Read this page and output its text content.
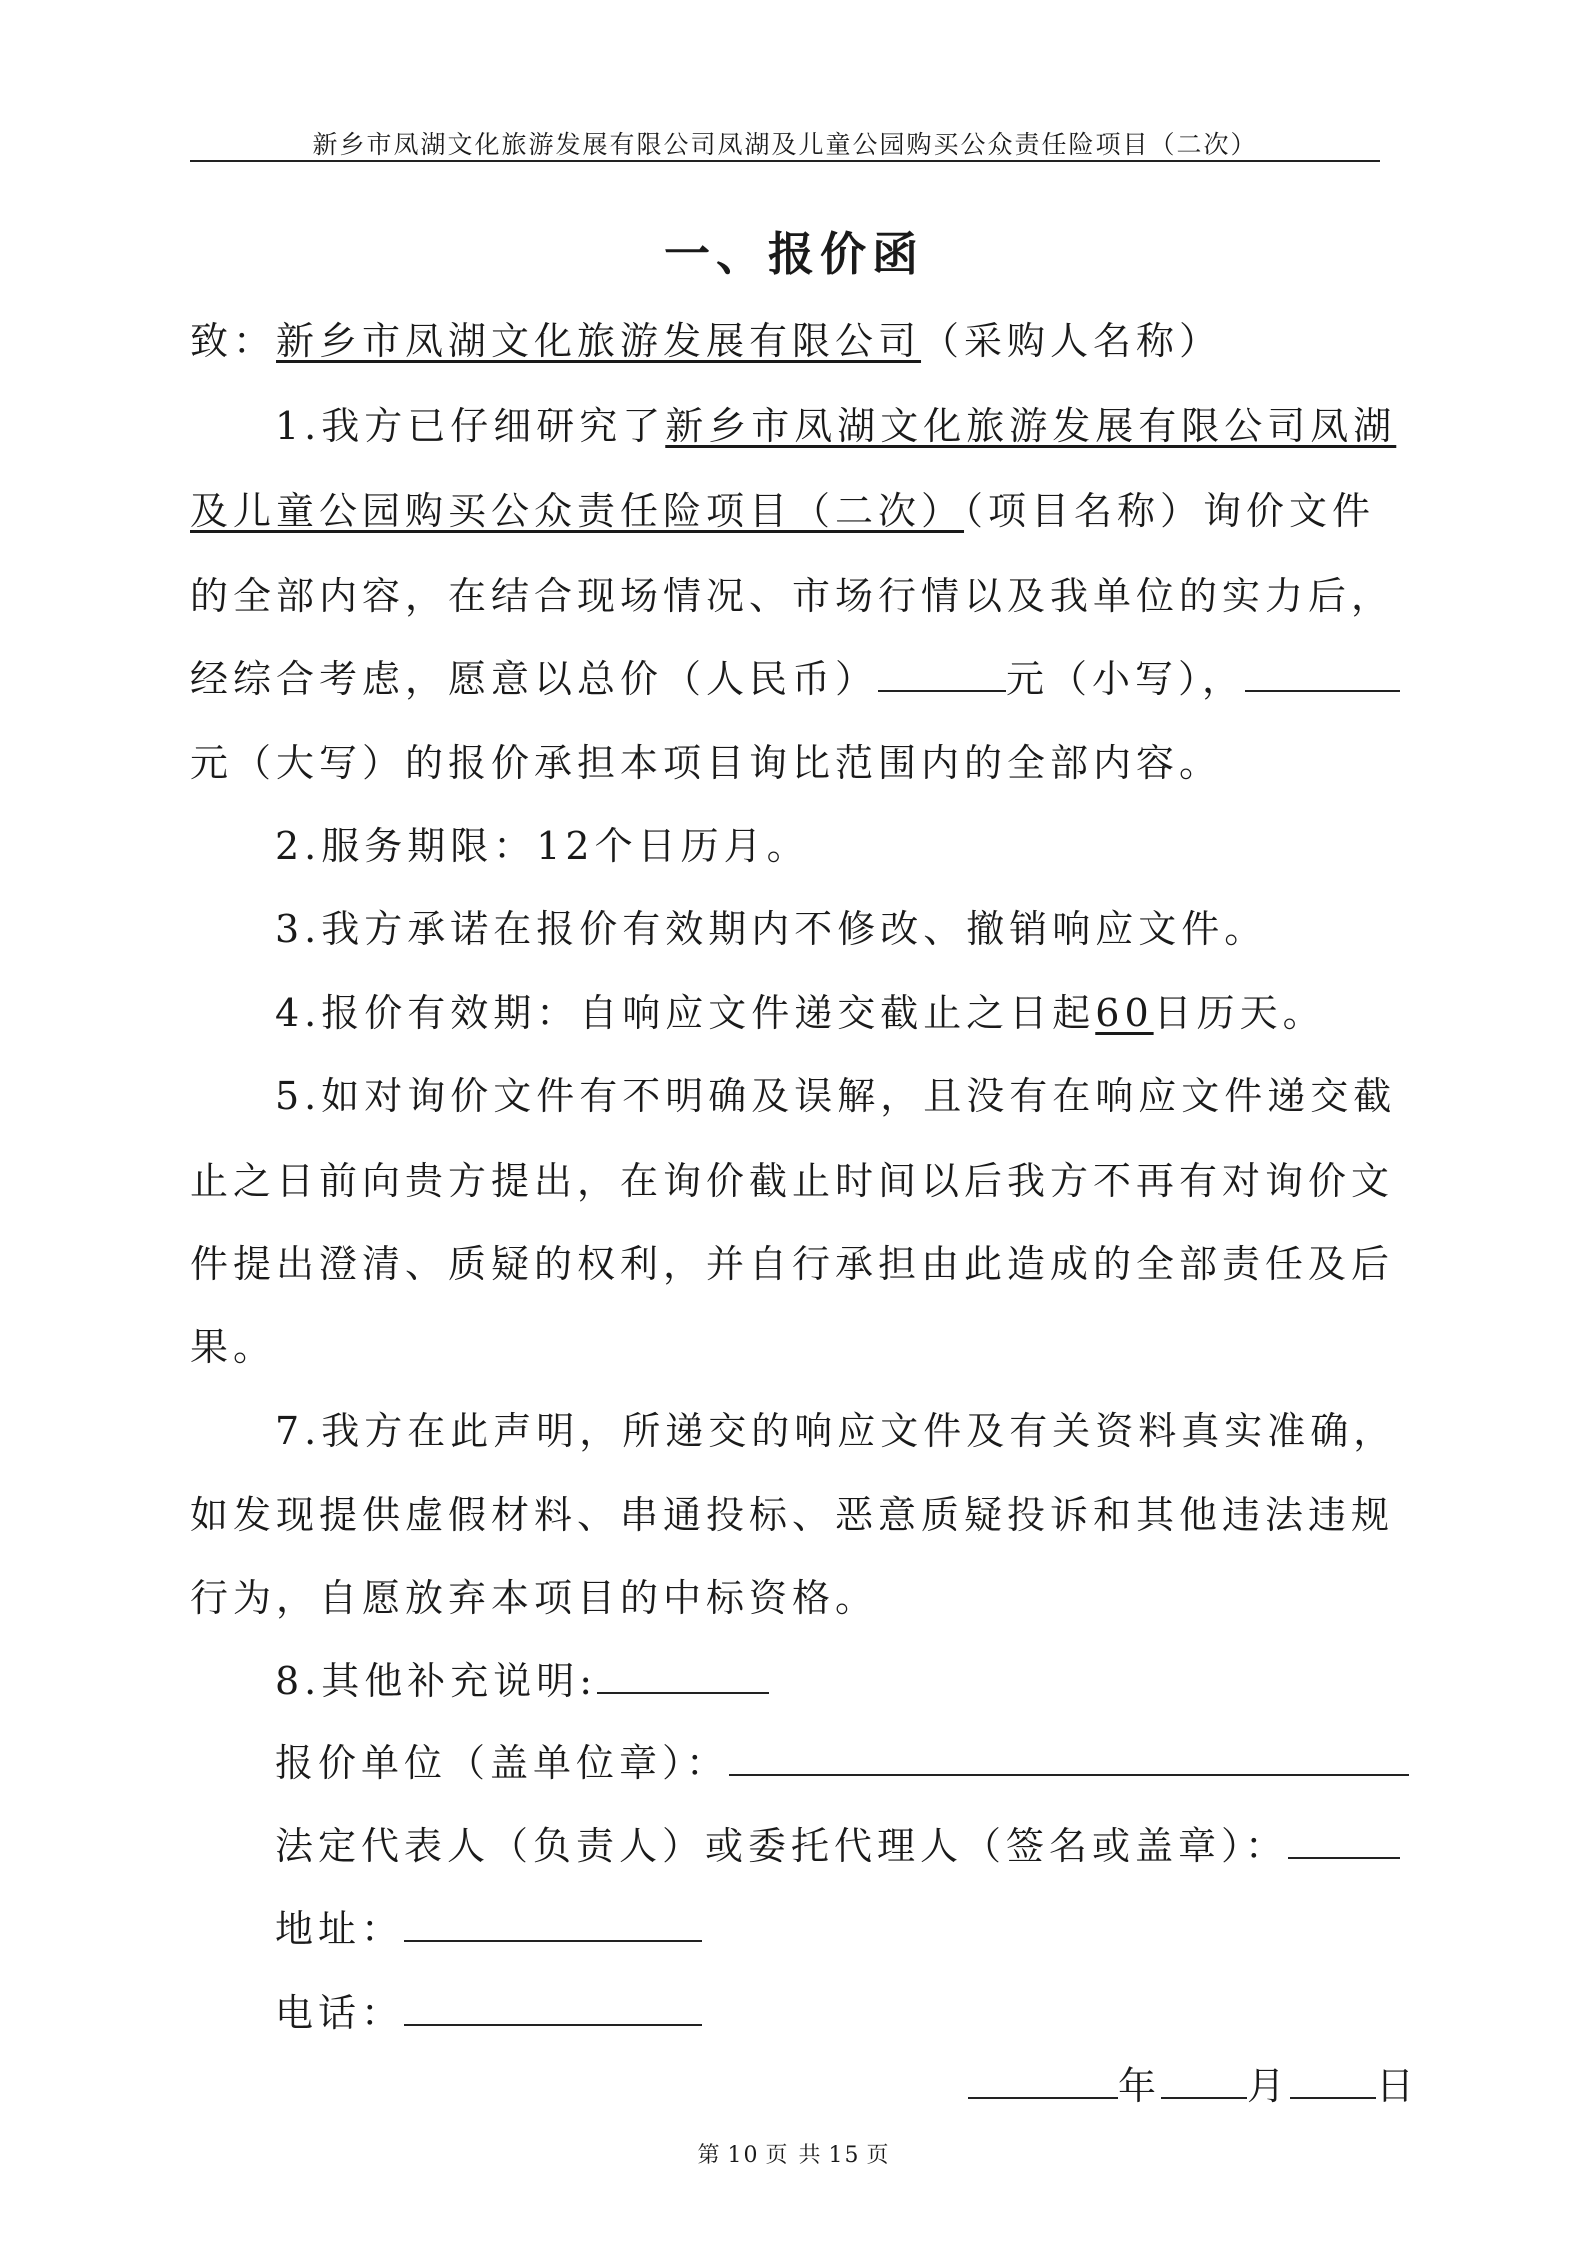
新乡市凤湖文化旅游发展有限公司凤湖及儿童公园购买公众责任险项目（二次）
一、报价函
致：新乡市凤湖文化旅游发展有限公司（采购人名称）
1.我方已仔细研究了新乡市凤湖文化旅游发展有限公司凤湖
及儿童公园购买公众责任险项目（二次）（项目名称）询价文件
的全部内容，在结合现场情况、市场行情以及我单位的实力后，
经综合考虑，愿意以总价（人民币）	元（小写），
元（大写）的报价承担本项目询比范围内的全部内容。
2.服务期限：12个日历月。
3.我方承诺在报价有效期内不修改、撤销响应文件。
4.报价有效期：自响应文件递交截止之日起60日历天。
5.如对询价文件有不明确及误解，且没有在响应文件递交截
止之日前向贵方提出，在询价截止时间以后我方不再有对询价文
件提出澄清、质疑的权利，并自行承担由此造成的全部责任及后
果。
7.我方在此声明，所递交的响应文件及有关资料真实准确，
如发现提供虚假材料、串通投标、恶意质疑投诉和其他违法违规
行为，自愿放弃本项目的中标资格。
8.其他补充说明:
报价单位（盖单位章）：
法定代表人（负责人）或委托代理人（签名或盖章）：
地址：
电话：
年 月 日
第 10 页 共 15 页
